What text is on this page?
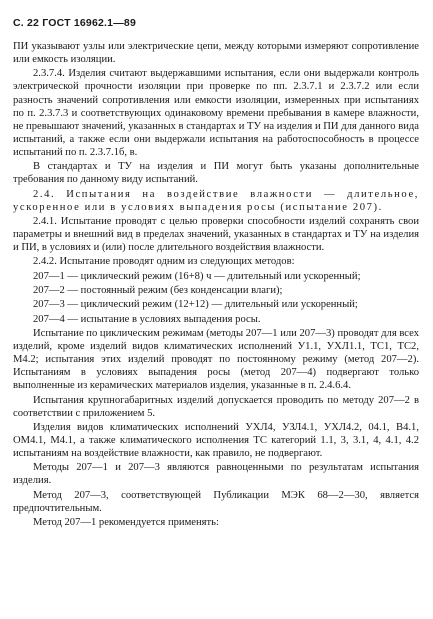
С. 22 ГОСТ 16962.1—89

ПИ указывают узлы или электрические цепи, между которыми измеряют сопротивление или емкость изоляции.

2.3.7.4. Изделия считают выдержавшими испытания, если они выдержали контроль электрической прочности изоляции при проверке по пп. 2.3.7.1 и 2.3.7.2 или если разность значений сопротивления или емкости изоляции, измеренных при испытаниях по п. 2.3.7.3 и соответствующих одинаковому времени пребывания в камере влажности, не превышают значений, указанных в стандартах и ТУ на изделия и ПИ для данного вида испытаний, а также если они выдержали испытания на работоспособность в процессе испытаний по п. 2.3.7.1б, в.

В стандартах и ТУ на изделия и ПИ могут быть указаны дополнительные требования по данному виду испытаний.

2.4. Испытания на воздействие влажности — длительное, ускоренное или в условиях выпадения росы (испытание 207).

2.4.1. Испытание проводят с целью проверки способности изделий сохранять свои параметры и внешний вид в пределах значений, указанных в стандартах и ТУ на изделия и ПИ, в условиях и (или) после длительного воздействия влажности.

2.4.2. Испытание проводят одним из следующих методов:

207—1 — циклический режим (16+8) ч — длительный или ускоренный;

207—2 — постоянный режим (без конденсации влаги);

207—3 — циклический режим (12+12) — длительный или ускоренный;

207—4 — испытание в условиях выпадения росы.

Испытание по циклическим режимам (методы 207—1 или 207—3) проводят для всех изделий, кроме изделий видов климатических исполнений У1.1, УХЛ1.1, ТС1, ТС2, М4.2; испытания этих изделий проводят по постоянному режиму (метод 207—2). Испытаниям в условиях выпадения росы (метод 207—4) подвергают только выполненные из керамических материалов изделия, указанные в п. 2.4.6.4.

Испытания крупногабаритных изделий допускается проводить по методу 207—2 в соответствии с приложением 5.

Изделия видов климатических исполнений УХЛ4, УЗЛ4.1, УХЛ4.2, 04.1, В4.1, ОМ4.1, М4.1, а также климатического исполнения ТС категорий 1.1, 3, 3.1, 4, 4.1, 4.2 испытаниям на воздействие влажности, как правило, не подвергают.

Методы 207—1 и 207—3 являются равноценными по результатам испытания изделия.

Метод 207—3, соответствующей Публикации МЭК 68—2—30, является предпочтительным.

Метод 207—1 рекомендуется применять:
